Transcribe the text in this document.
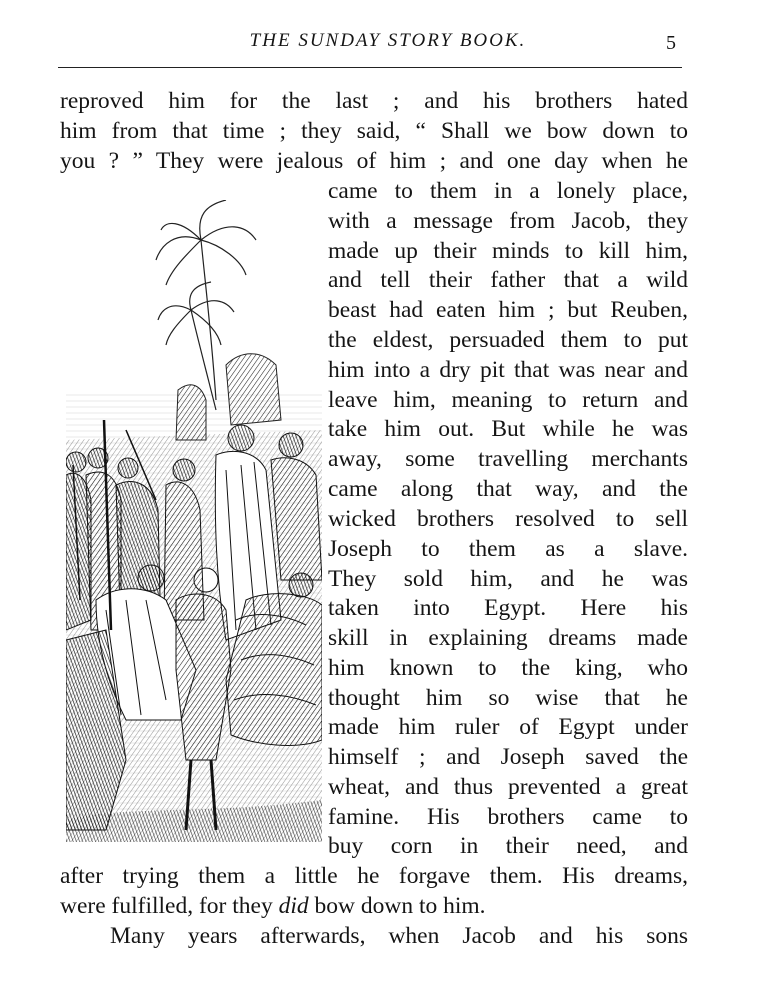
THE SUNDAY STORY BOOK.	5
reproved him for the last ; and his brothers hated
him from that time ; they said, “ Shall we bow down to
you ? ” They were jealous of him ; and one day when he
came to them in a lonely place,
with a message from Jacob, they
made up their minds to kill him,
and tell their father that a wild
beast had eaten him ; but Reuben,
the eldest, persuaded them to put
him into a dry pit that was near and
leave him, meaning to return and
take him out. But while he was
away, some travelling merchants
came along that way, and the
wicked brothers resolved to sell
Joseph to them as a slave.
They sold him, and he was
taken into Egypt. Here his
skill in explaining dreams made
him known to the king, who
thought him so wise that he
made him ruler of Egypt under
himself ; and Joseph saved the
wheat, and thus prevented a great
famine. His brothers came to
buy corn in their need, and
after trying them a little he forgave them. His dreams,
were fulfilled, for they did bow down to him.
Many years afterwards, when Jacob and his sons
